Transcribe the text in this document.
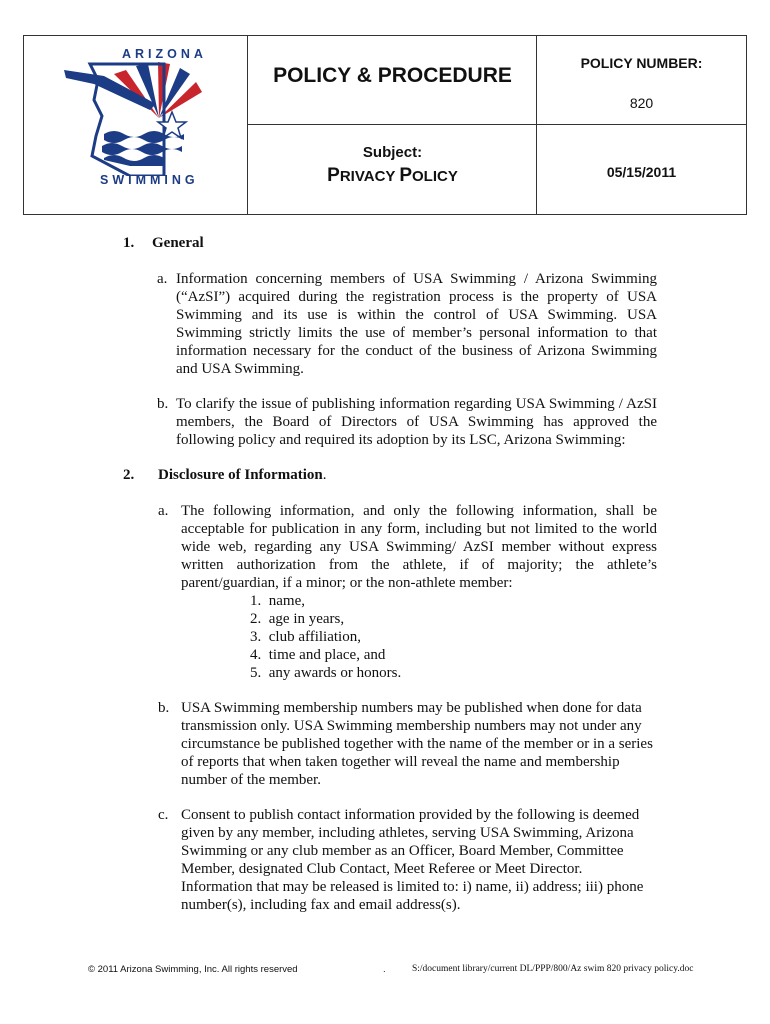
ARIZONA
SWIMMING
POLICY & PROCEDURE
Subject:
PRIVACY POLICY
POLICY NUMBER:
820
05/15/2011
1. General
a. Information concerning members of USA Swimming / Arizona Swimming (“AzSI”) acquired during the registration process is the property of USA Swimming and its use is within the control of USA Swimming. USA Swimming strictly limits the use of member’s personal information to that information necessary for the conduct of the business of Arizona Swimming and USA Swimming.
b. To clarify the issue of publishing information regarding USA Swimming / AzSI members, the Board of Directors of USA Swimming has approved the following policy and required its adoption by its LSC, Arizona Swimming:
2. Disclosure of Information.
a. The following information, and only the following information, shall be acceptable for publication in any form, including but not limited to the world wide web, regarding any USA Swimming/ AzSI member without express written authorization from the athlete, if of majority; the athlete’s parent/guardian, if a minor; or the non-athlete member:
1. name,
2. age in years,
3. club affiliation,
4. time and place, and
5. any awards or honors.
b. USA Swimming membership numbers may be published when done for data transmission only. USA Swimming membership numbers may not under any circumstance be published together with the name of the member or in a series of reports that when taken together will reveal the name and membership number of the member.
c. Consent to publish contact information provided by the following is deemed given by any member, including athletes, serving USA Swimming, Arizona Swimming or any club member as an Officer, Board Member, Committee Member, designated Club Contact, Meet Referee or Meet Director. Information that may be released is limited to: i) name, ii) address; iii) phone number(s), including fax and email address(s).
© 2011 Arizona Swimming, Inc. All rights reserved	.	S:/document library/current DL/PPP/800/Az swim 820 privacy policy.doc
